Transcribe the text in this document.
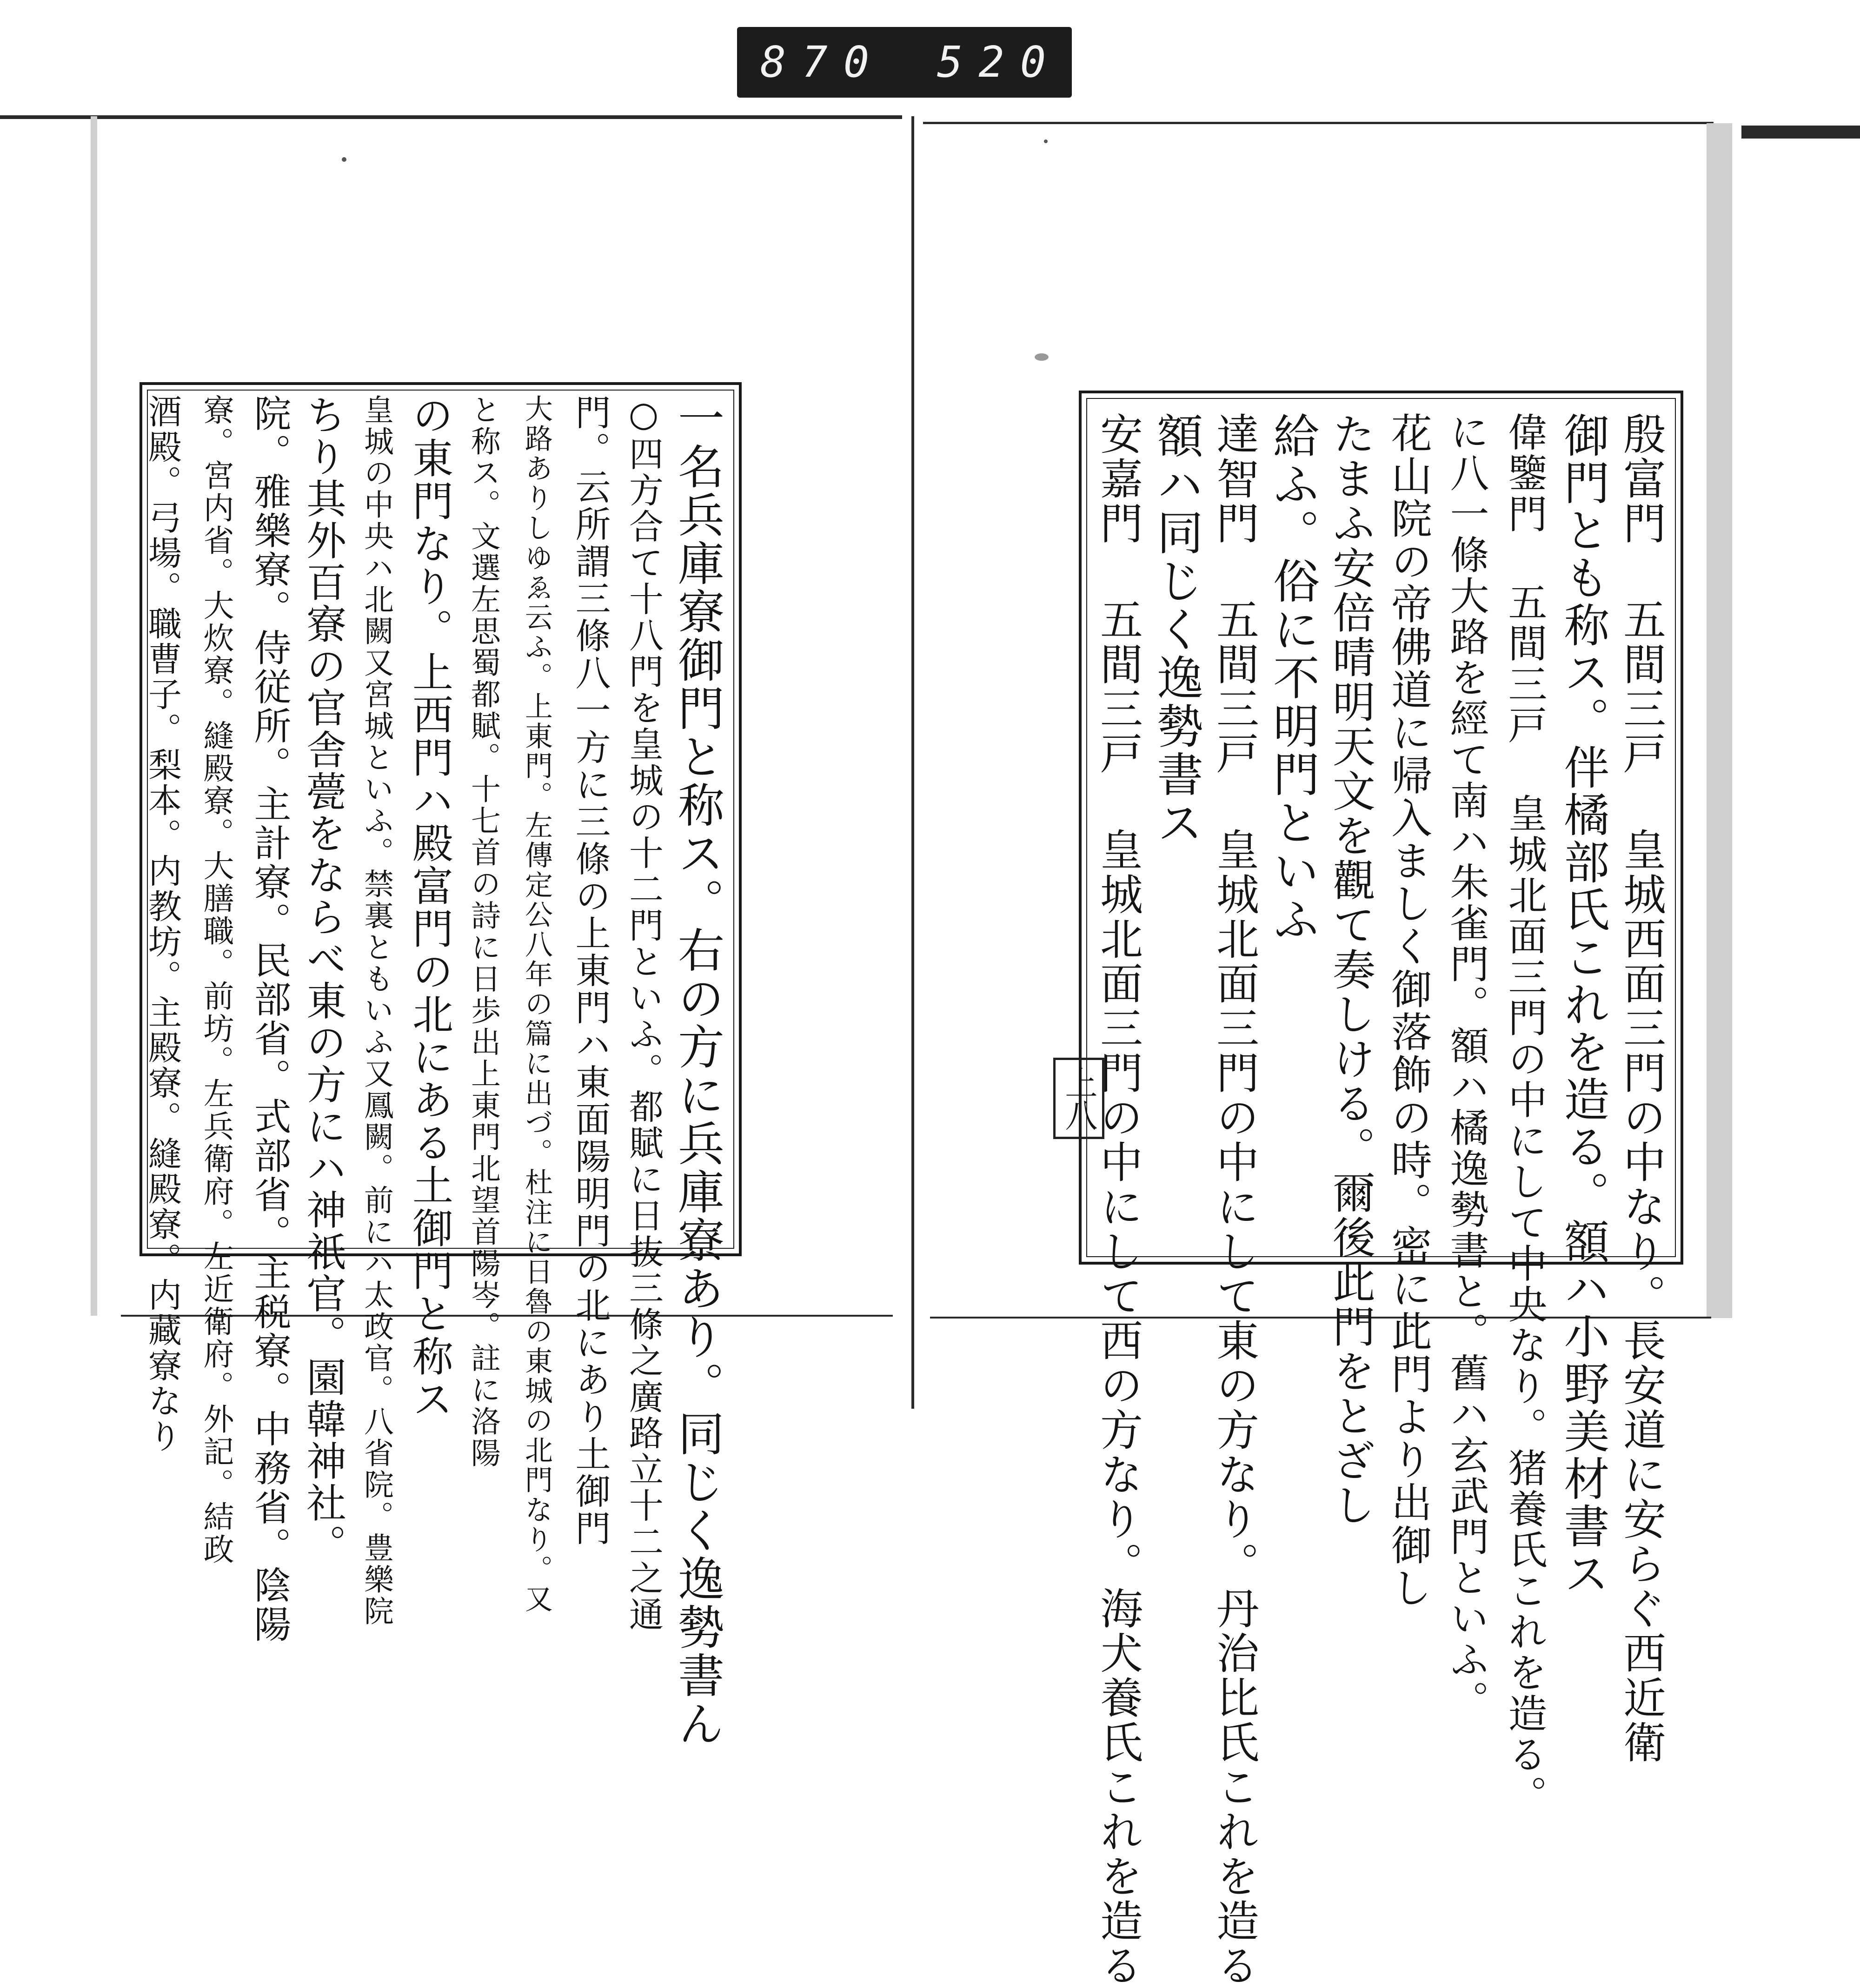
870 520
一名兵庫寮御門と称ス。右の方に兵庫寮あり。同じく逸勢書ん
○四方合て十八門を皇城の十二門といふ。都賦に日抜三條之廣路立十二之通
門。云所謂三條八一方に三條の上東門ハ東面陽明門の北にあり土御門
大路ありしゆゑ云ふ。上東門。左傳定公八年の篇に出づ。杜注に日魯の東城の北門なり。又
と称ス。文選左思蜀都賦。十七首の詩に日歩出上東門北望首陽岑。註に洛陽
の東門なり。上西門ハ殿富門の北にある土御門と称ス
皇城の中央ハ北闕又宮城といふ。禁裏ともいふ又鳳闕。前にハ太政官。八省院。豊樂院
ちり其外百寮の官舎甍をならべ東の方にハ神祇官。園韓神社。
院。雅樂寮。侍従所。主計寮。民部省。式部省。主税寮。中務省。陰陽
寮。宮内省。大炊寮。縫殿寮。大膳職。前坊。左兵衛府。左近衛府。外記。結政
酒殿。弓場。職曹子。梨本。内教坊。主殿寮。縫殿寮。内藏寮なり	殷富門 五間三戸 皇城西面三門の中なり。長安道に安らぐ西近衛
御門とも称ス。伴橘部氏これを造る。額ハ小野美材書ス
偉鑒門 五間三戸 皇城北面三門の中にして中央なり。猪養氏これを造る。
に八一條大路を經て南ハ朱雀門。額ハ橘逸勢書と。舊ハ玄武門といふ。
花山院の帝佛道に帰入ましく御落飾の時。密に此門より出御し
たまふ安倍晴明天文を觀て奏しける。爾後此門をとざし
給ふ。俗に不明門といふ
達智門 五間三戸 皇城北面三門の中にして東の方なり。丹治比氏これを造る
額ハ同じく逸勢書ス
安嘉門 五間三戸 皇城北面三門の中にして西の方なり。海犬養氏これを造る
上八
